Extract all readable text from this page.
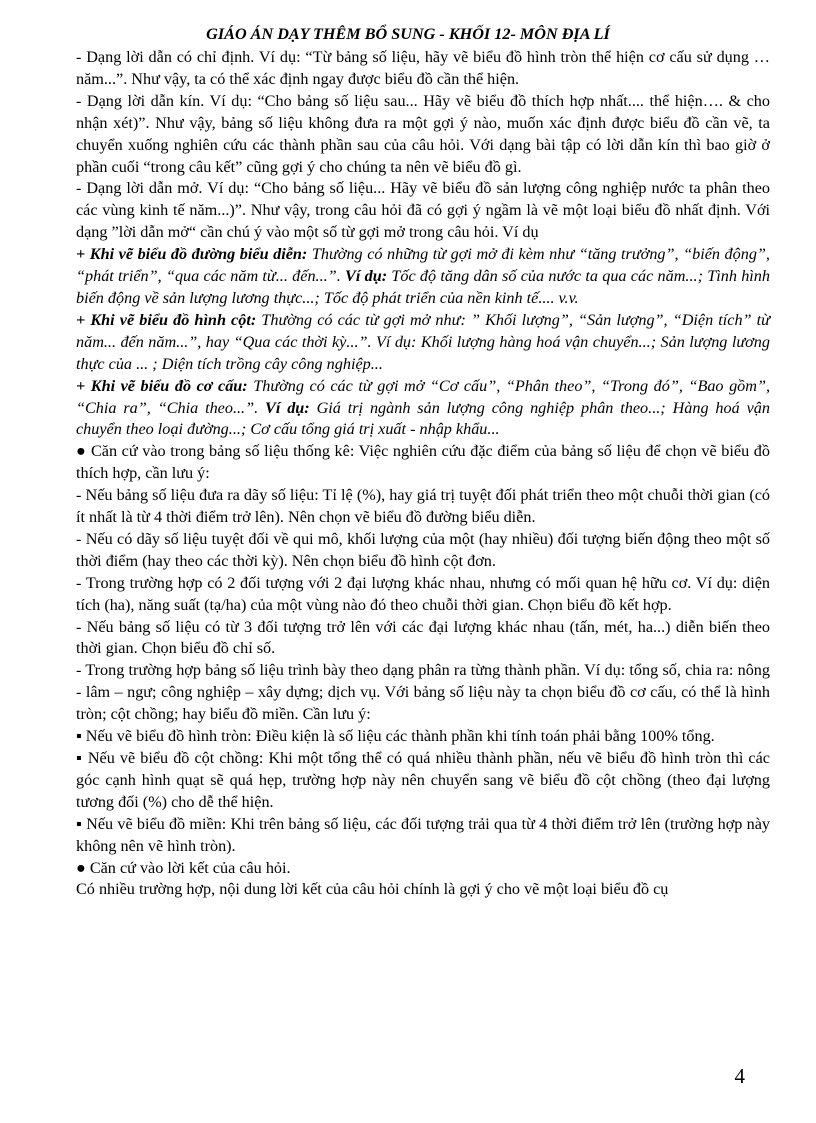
GIÁO ÁN DẠY THÊM BỔ SUNG - KHỐI 12- MÔN ĐỊA LÍ

- Dạng lời dẫn có chỉ định. Ví dụ: “Từ bảng số liệu, hãy vẽ biểu đồ hình tròn thể hiện cơ cấu sử dụng … năm...”. Như vậy, ta có thể xác định ngay được biểu đồ cần thể hiện.

- Dạng lời dẫn kín. Ví dụ: “Cho bảng số liệu sau... Hãy vẽ biểu đồ thích hợp nhất.... thể hiện…. & cho nhận xét)”. Như vậy, bảng số liệu không đưa ra một gợi ý nào, muốn xác định được biểu đồ cần vẽ, ta chuyển xuống nghiên cứu các thành phần sau của câu hỏi. Với dạng bài tập có lời dẫn kín thì bao giờ ở phần cuối “trong câu kết” cũng gợi ý cho chúng ta nên vẽ biểu đồ gì.

- Dạng lời dẫn mở. Ví dụ: “Cho bảng số liệu... Hãy vẽ biểu đồ sản lượng công nghiệp nước ta phân theo các vùng kinh tế năm...)”. Như vậy, trong câu hỏi đã có gợi ý ngầm là vẽ một loại biểu đồ nhất định. Với dạng ”lời dẫn mở“ cần chú ý vào một số từ gợi mở trong câu hỏi. Ví dụ

+ Khi vẽ biểu đồ đường biểu diễn: Thường có những từ gợi mở đi kèm như “tăng trưởng”, “biến động”, “phát triển”, “qua các năm từ... đến...”. Ví dụ: Tốc độ tăng dân số của nước ta qua các năm...; Tình hình biến động về sản lượng lương thực...; Tốc độ phát triển của nền kinh tế.... v.v.

+ Khi vẽ biểu đồ hình cột: Thường có các từ gợi mở như: ” Khối lượng”, “Sản lượng”, “Diện tích” từ năm... đến năm...”, hay “Qua các thời kỳ...”. Ví dụ: Khối lượng hàng hoá vận chuyển...; Sản lượng lương thực của ... ; Diện tích trồng cây công nghiệp...

+ Khi vẽ biểu đồ cơ cấu: Thường có các từ gợi mở “Cơ cấu”, “Phân theo”, “Trong đó”, “Bao gồm”, “Chia ra”, “Chia theo...”. Ví dụ: Giá trị ngành sản lượng công nghiệp phân theo...; Hàng hoá vận chuyển theo loại đường...; Cơ cấu tổng giá trị xuất - nhập khẩu...

● Căn cứ vào trong bảng số liệu thống kê: Việc nghiên cứu đặc điểm của bảng số liệu để chọn vẽ biểu đồ thích hợp, cần lưu ý:

- Nếu bảng số liệu đưa ra dãy số liệu: Tỉ lệ (%), hay giá trị tuyệt đối phát triển theo một chuỗi thời gian (có ít nhất là từ 4 thời điểm trở lên). Nên chọn vẽ biểu đồ đường biểu diễn.

- Nếu có dãy số liệu tuyệt đối về qui mô, khối lượng của một (hay nhiều) đối tượng biến động theo một số thời điểm (hay theo các thời kỳ). Nên chọn biểu đồ hình cột đơn.

- Trong trường hợp có 2 đối tượng với 2 đại lượng khác nhau, nhưng có mối quan hệ hữu cơ. Ví dụ: diện tích (ha), năng suất (tạ/ha) của một vùng nào đó theo chuỗi thời gian. Chọn biểu đồ kết hợp.

- Nếu bảng số liệu có từ 3 đối tượng trở lên với các đại lượng khác nhau (tấn, mét, ha...) diễn biến theo thời gian. Chọn biểu đồ chỉ số.

- Trong trường hợp bảng số liệu trình bày theo dạng phân ra từng thành phần. Ví dụ: tổng số, chia ra: nông - lâm – ngư; công nghiệp – xây dựng; dịch vụ. Với bảng số liệu này ta chọn biểu đồ cơ cấu, có thể là hình tròn; cột chồng; hay biểu đồ miền. Cần lưu ý:

▪ Nếu vẽ biểu đồ hình tròn: Điều kiện là số liệu các thành phần khi tính toán phải bằng 100% tổng.

▪ Nếu vẽ biểu đồ cột chồng: Khi một tổng thể có quá nhiều thành phần, nếu vẽ biểu đồ hình tròn thì các góc cạnh hình quạt sẽ quá hẹp, trường hợp này nên chuyển sang vẽ biểu đồ cột chồng (theo đại lượng tương đối (%) cho dễ thể hiện.

▪ Nếu vẽ biểu đồ miền: Khi trên bảng số liệu, các đối tượng trải qua từ 4 thời điểm trở lên (trường hợp này không nên vẽ hình tròn).

● Căn cứ vào lời kết của câu hỏi.

Có nhiều trường hợp, nội dung lời kết của câu hỏi chính là gợi ý cho vẽ một loại biểu đồ cụ

4
